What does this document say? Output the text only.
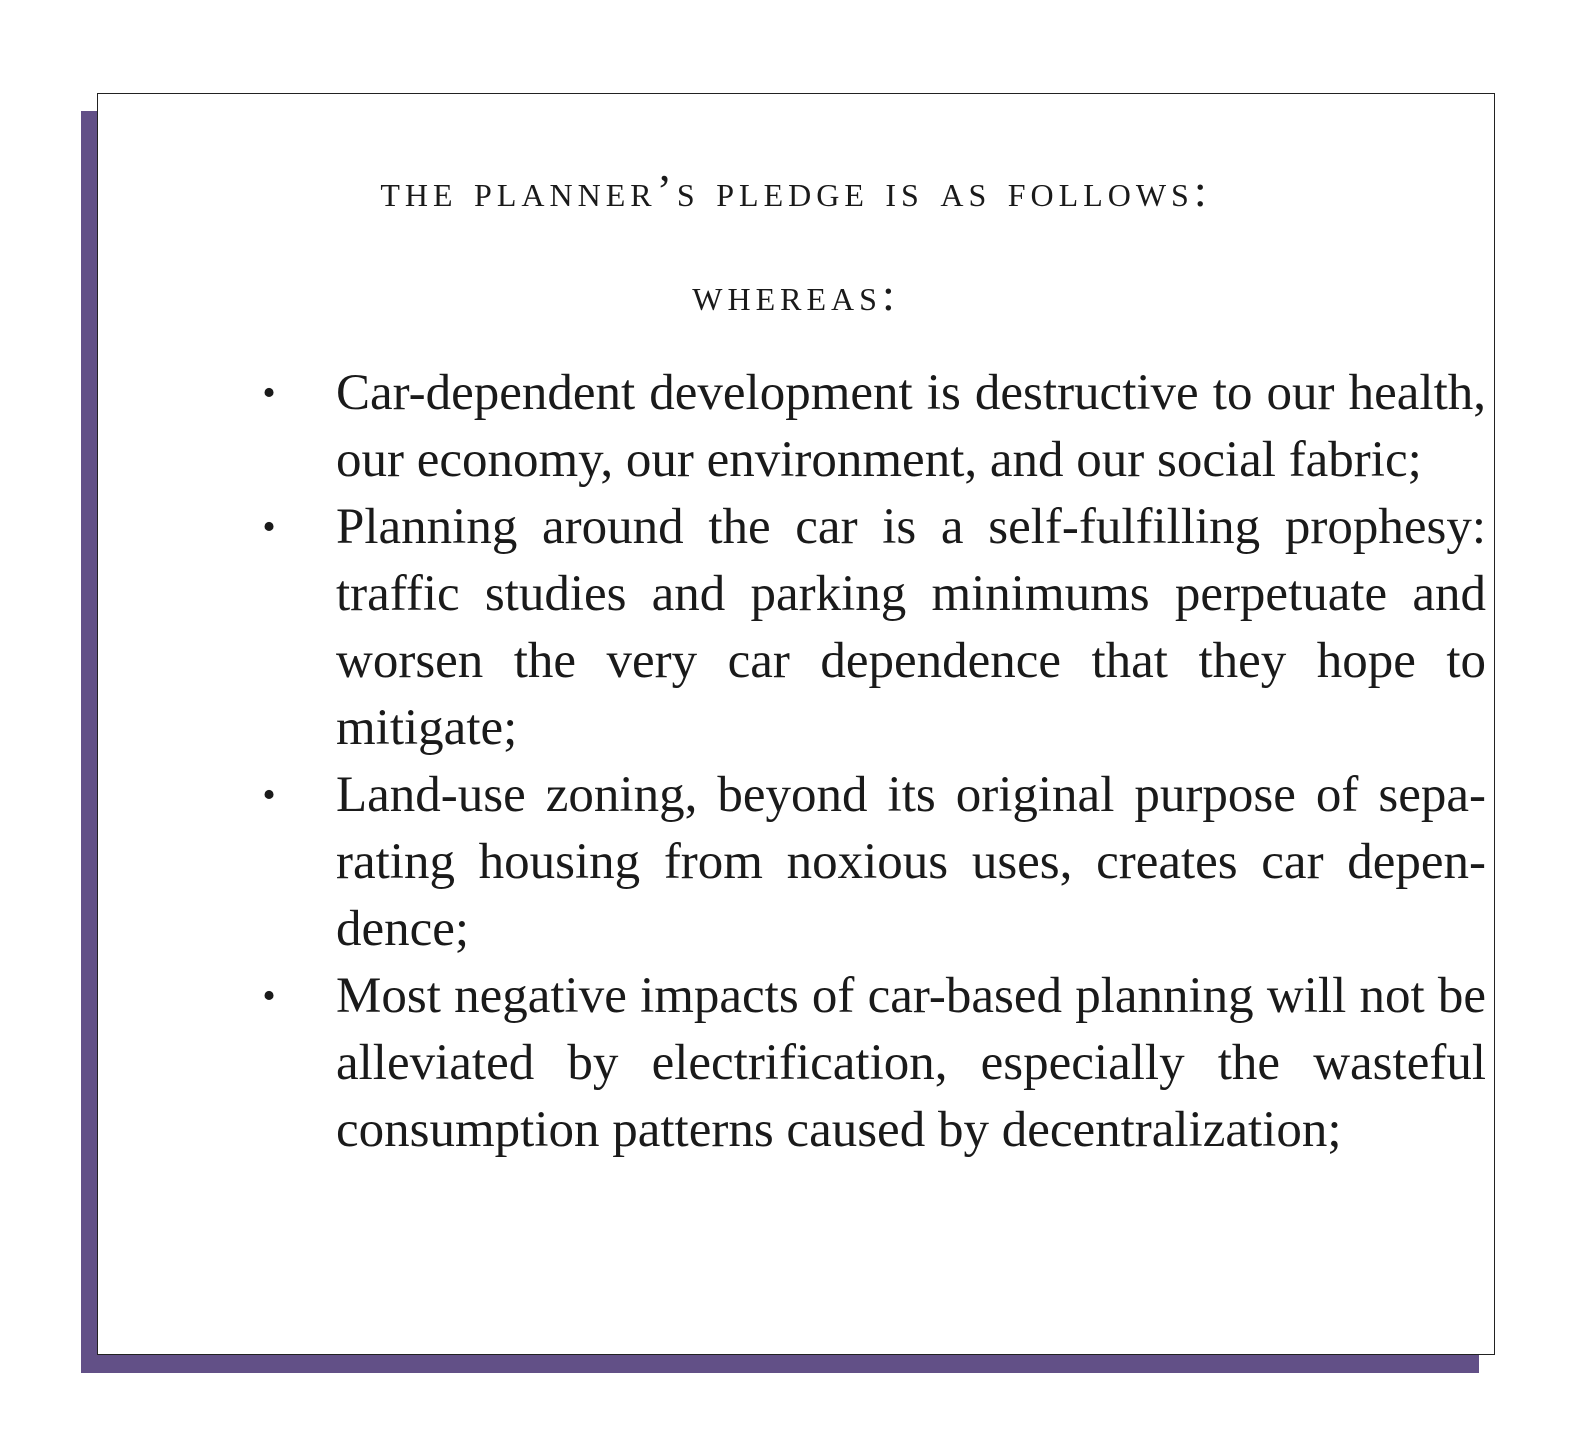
the planner’s pledge is as follows:
whereas:
• Car-dependent development is destructive to our health, our economy, our environment, and our social fabric;
• Planning around the car is a self-fulfilling prophesy: traffic studies and parking minimums perpetuate and worsen the very car dependence that they hope to mitigate;
• Land-use zoning, beyond its original purpose of separating housing from noxious uses, creates car dependence;
• Most negative impacts of car-based planning will not be alleviated by electrification, especially the wasteful consumption patterns caused by decentralization;
